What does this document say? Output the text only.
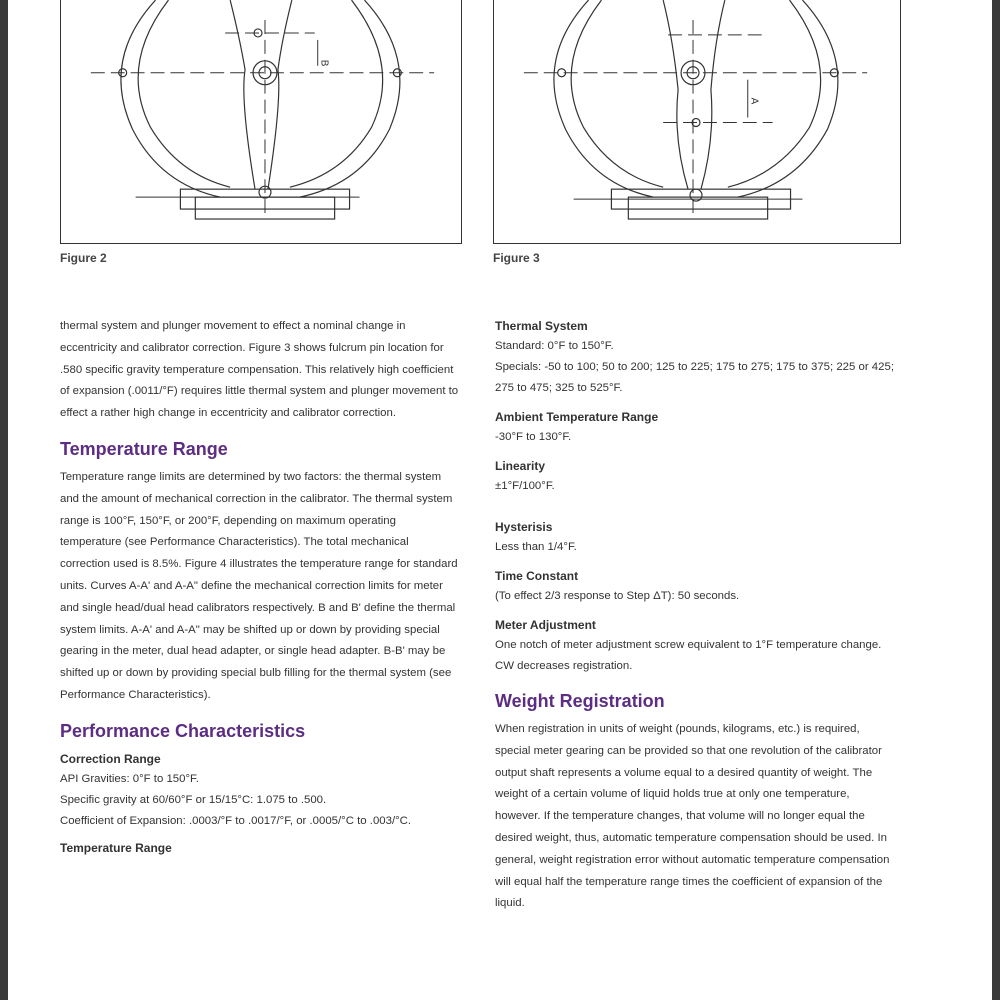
B
Figure 2
A
Figure 3

thermal system and plunger movement to effect a nominal change in eccentricity and calibrator correction. Figure 3 shows fulcrum pin location for .580 specific gravity temperature compensation. This relatively high coefficient of expansion (.0011/°F) requires little thermal system and plunger movement to effect a rather high change in eccentricity and calibrator correction.

Temperature Range

Temperature range limits are determined by two factors: the thermal system and the amount of mechanical correction in the calibrator. The thermal system range is 100°F, 150°F, or 200°F, depending on maximum operating temperature (see Performance Characteristics). The total mechanical correction used is 8.5%. Figure 4 illustrates the temperature range for standard units. Curves A-A' and A-A" define the mechanical correction limits for meter and single head/dual head calibrators respectively. B and B' define the thermal system limits. A-A' and A-A" may be shifted up or down by providing special gearing in the meter, dual head adapter, or single head adapter. B-B' may be shifted up or down by providing special bulb filling for the thermal system (see Performance Characteristics).

Performance Characteristics
Correction Range
API Gravities: 0°F to 150°F.
Specific gravity at 60/60°F or 15/15°C: 1.075 to .500.
Coefficient of Expansion: .0003/°F to .0017/°F, or .0005/°C to .003/°C.
Temperature Range
Thermal System
Standard: 0°F to 150°F.
Specials: -50 to 100; 50 to 200; 125 to 225; 175 to 275; 175 to 375; 225 or 425; 275 to 475; 325 to 525°F.
Ambient Temperature Range
-30°F to 130°F.
Linearity
±1°F/100°F.
Hysterisis
Less than 1/4°F.
Time Constant
(To effect 2/3 response to Step ΔT): 50 seconds.
Meter Adjustment
One notch of meter adjustment screw equivalent to 1°F temperature change. CW decreases registration.
Weight Registration

When registration in units of weight (pounds, kilograms, etc.) is required, special meter gearing can be provided so that one revolution of the calibrator output shaft represents a volume equal to a desired quantity of weight. The weight of a certain volume of liquid holds true at only one temperature, however. If the temperature changes, that volume will no longer equal the desired weight, thus, automatic temperature compensation should be used. In general, weight registration error without automatic temperature compensation will equal half the temperature range times the coefficient of expansion of the liquid.
